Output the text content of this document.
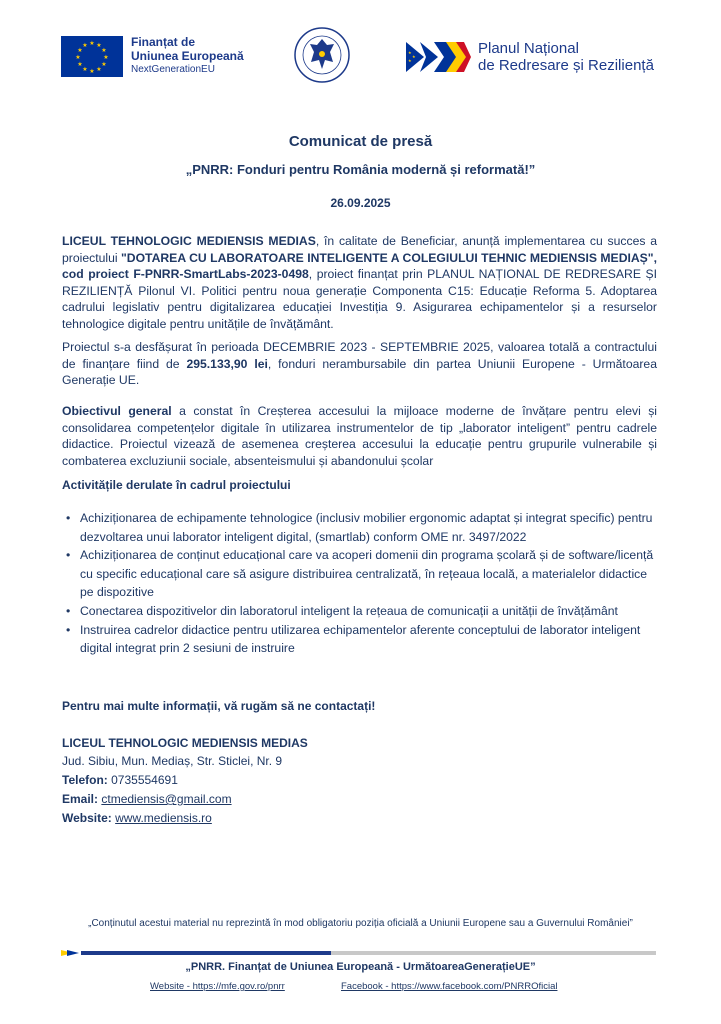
★ ★
★
★
★
★
★
★
★
★
★
★	Finanțat de
Uniunea Europeană
NextGenerationEU
★
★
★	Planul Național
de Redresare și Reziliență
Comunicat de presă
„PNRR: Fonduri pentru România modernă și reformată!”
26.09.2025

LICEUL TEHNOLOGIC MEDIENSIS MEDIAS, în calitate de Beneficiar, anunță implementarea cu succes a proiectului "DOTAREA CU LABORATOARE INTELIGENTE A COLEGIULUI TEHNIC MEDIENSIS MEDIAȘ", cod proiect F-PNRR-SmartLabs-2023-0498, proiect finanțat prin PLANUL NAȚIONAL DE REDRESARE ȘI REZILIENȚĂ Pilonul VI. Politici pentru noua generație Componenta C15: Educație Reforma 5. Adoptarea cadrului legislativ pentru digitalizarea educației Investiția 9. Asigurarea echipamentelor și a resurselor tehnologice digitale pentru unitățile de învățământ.

Proiectul s-a desfășurat în perioada DECEMBRIE 2023 - SEPTEMBRIE 2025, valoarea totală a contractului de finanțare fiind de 295.133,90 lei, fonduri nerambursabile din partea Uniunii Europene - Următoarea Generație UE.

Obiectivul general a constat în Creșterea accesului la mijloace moderne de învățare pentru elevi și consolidarea competențelor digitale în utilizarea instrumentelor de tip „laborator inteligent” pentru cadrele didactice. Proiectul vizează de asemenea creșterea accesului la educație pentru grupurile vulnerabile și combaterea excluziunii sociale, absenteismului și abandonului școlar

Activitățile derulate în cadrul proiectului
• Achiziționarea de echipamente tehnologice (inclusiv mobilier ergonomic adaptat și integrat specific) pentru dezvoltarea unui laborator inteligent digital, (smartlab) conform OME nr. 3497/2022
• Achiziționarea de conținut educațional care va acoperi domenii din programa școlară și de software/licență cu specific educațional care să asigure distribuirea centralizată, în rețeaua locală, a materialelor didactice pe dispozitive
• Conectarea dispozitivelor din laboratorul inteligent la rețeaua de comunicații a unității de învățământ
• Instruirea cadrelor didactice pentru utilizarea echipamentelor aferente conceptului de laborator inteligent digital integrat prin 2 sesiuni de instruire
Pentru mai multe informații, vă rugăm să ne contactați!
LICEUL TEHNOLOGIC MEDIENSIS MEDIAS
Jud. Sibiu, Mun. Mediaș, Str. Sticlei, Nr. 9
Telefon: 0735554691
Email: ctmediensis@gmail.com
Website: www.mediensis.ro
„Conținutul acestui material nu reprezintă în mod obligatoriu poziția oficială a Uniunii Europene sau a Guvernului României”
„PNRR. Finanțat de Uniunea Europeană - UrmătoareaGenerațieUE”
Website - https://mfe.gov.ro/pnrr	Facebook - https://www.facebook.com/PNRROficial
